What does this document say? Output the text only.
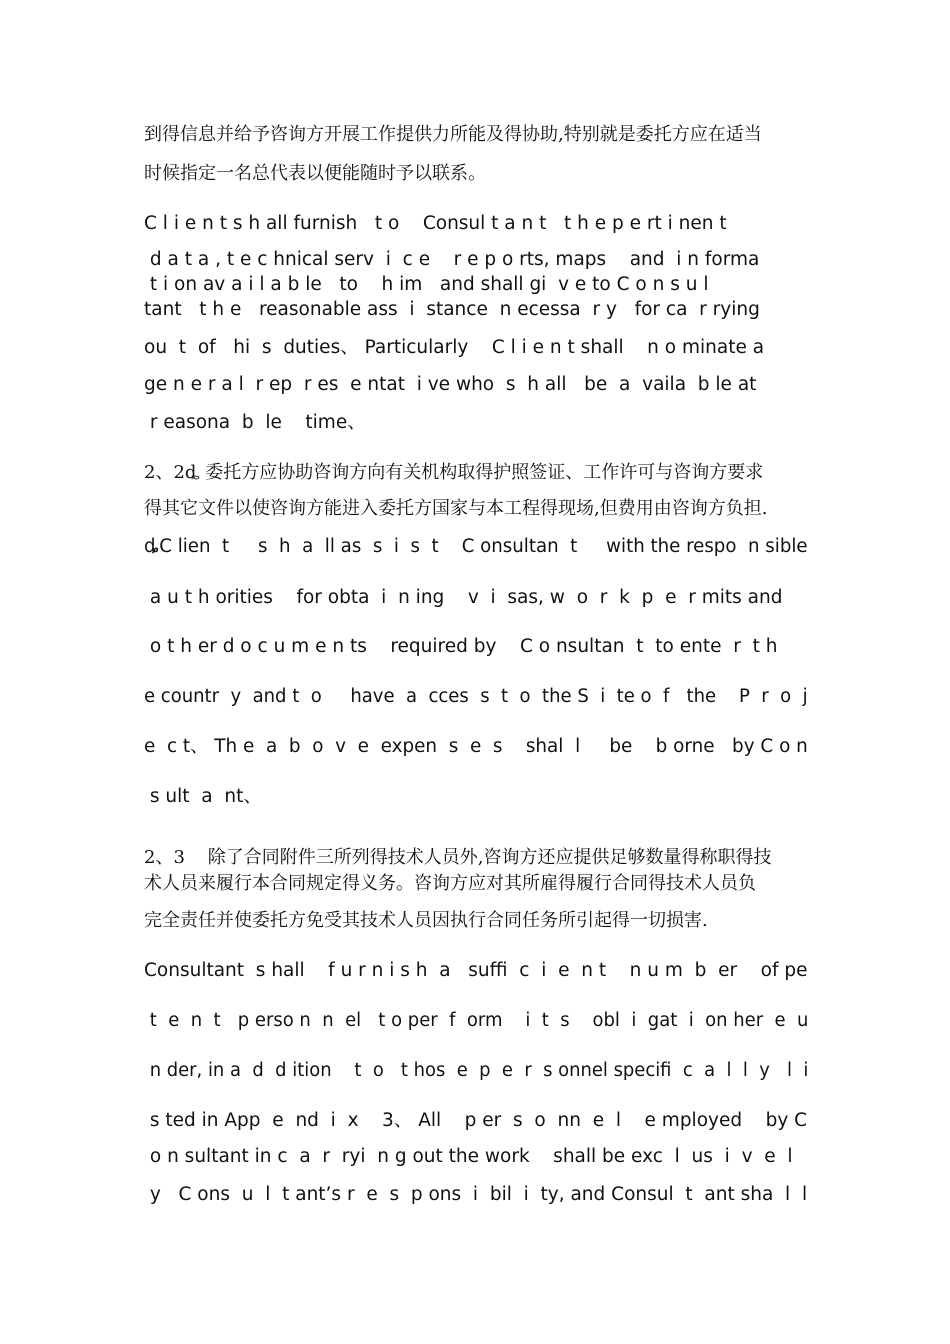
到得信息并给予咨询方开展工作提供力所能及得协助,特别就是委托方应在适当
时候指定一名总代表以便能随时予以联系。
C l i e n t s h all furnish   t o    Consul t a n t   t h e p e rt i nen t
d a t a , t e c hnical serv  i  c e    r e p o rts, maps    and  i n forma
t i on av a i l a b le   to    h im   and shall gi  v e to C o n s u l
tant   t h e   reasonable ass  i  stance  n ecessa  r y   for ca  r rying
ou  t  of   hi  s  duties、 Particularly    C l i e n t shall    n o minate a
ge n e r a l  r ep  r es  e ntat  i ve who  s  h all   be  a  vaila  b le at
r easona  b  le    time、
2、2ȡ 委托方应协助咨询方向有关机构取得护照签证、工作许可与咨询方要求
得其它文件以使咨询方能进入委托方国家与本工程得现场,但费用由咨询方负担.
ȡC lien  t     s  h  a  ll as  s  i  s  t    C onsultan  t     with the respo  n sible
a u t h orities    for obta  i  n ing    v  i  sas, w  o  r  k  p  e  r mits and
o t h er d o c u m e n ts    required by    C o nsultan  t  to ente  r  t h
e countr  y  and t  o     have  a  cces  s  t  o  the S  i  te o  f   the    P  r  o  j
e  c t、 Th e  a  b  o  v  e  expen  s  e  s    shal  l     be    b orne   by C o n
s ult  a  nt、
2、3    除了合同附件三所列得技术人员外,咨询方还应提供足够数量得称职得技
术人员来履行本合同规定得义务。咨询方应对其所雇得履行合同得技术人员负
完全责任并使委托方免受其技术人员因执行合同任务所引起得一切损害.
Consultant  s hall    f u r n i s h  a   suffi  c  i  e  n t    n u m  b  er    of pe
t  e  n  t   p erso n  n  el   t o per  f  orm    i  t  s    obl  i  gat  i  on her  e  u
n der, in a  d  d ition    t  o   t hos  e  p  e  r  s onnel specifi  c  a  l  l  y   l  i
s ted in App  e  nd  i  x    3、 All    p er  s  o  nn  e  l    e mployed    by C
o n sultant in c  a  r  ryi  n g out the work    shall be exc  l  us  i  v  e  l
y   C ons  u  l  t ant’s r  e  s  p ons  i  bil  i  ty, and Consul  t  ant sha  l  l
